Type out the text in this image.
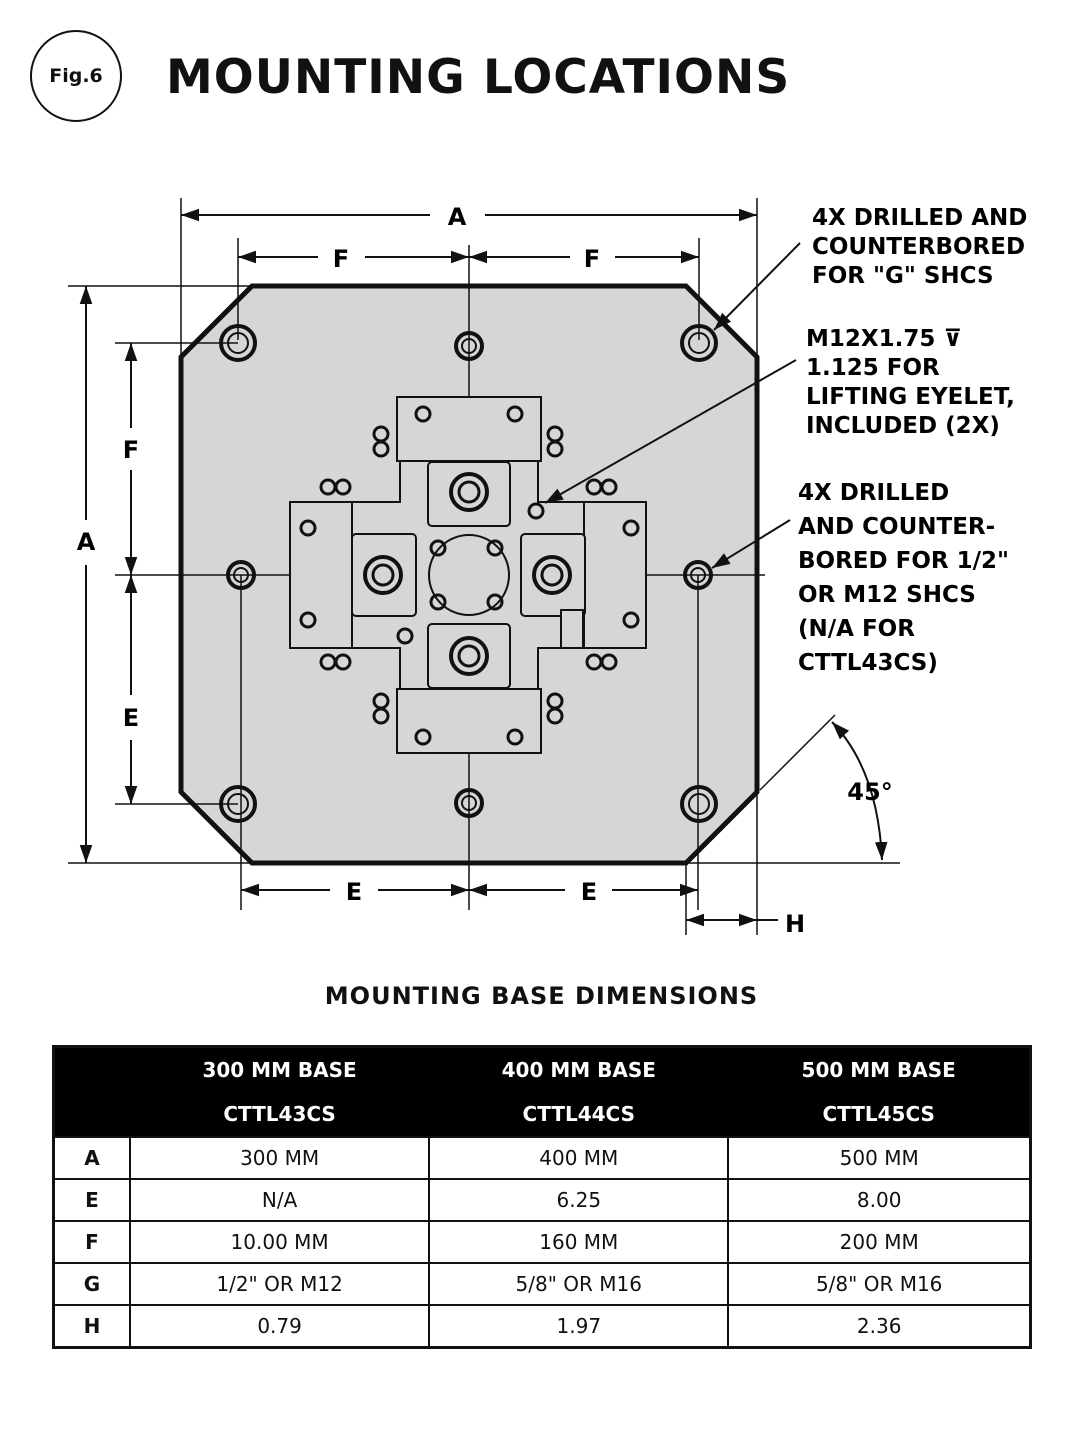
Fig.6 MOUNTING LOCATIONS
A
F	F
A
F
E
E	E
H
45°
4X DRILLED AND COUNTERBORED FOR "G" SHCS
M12X1.75 ⊽ 1.125 FOR LIFTING EYELET, INCLUDED (2X)
4X DRILLED AND COUNTER- BORED FOR 1/2" OR M12 SHCS (N/A FOR CTTL43CS)
MOUNTING BASE DIMENSIONS
	300 MM BASE	400 MM BASE	500 MM BASE
	CTTL43CS	CTTL44CS	CTTL45CS
A	300 MM	400 MM	500 MM
E	N/A	6.25	8.00
F	10.00 MM	160 MM	200 MM
G	1/2" OR M12	5/8" OR M16	5/8" OR M16
H	0.79	1.97	2.36
